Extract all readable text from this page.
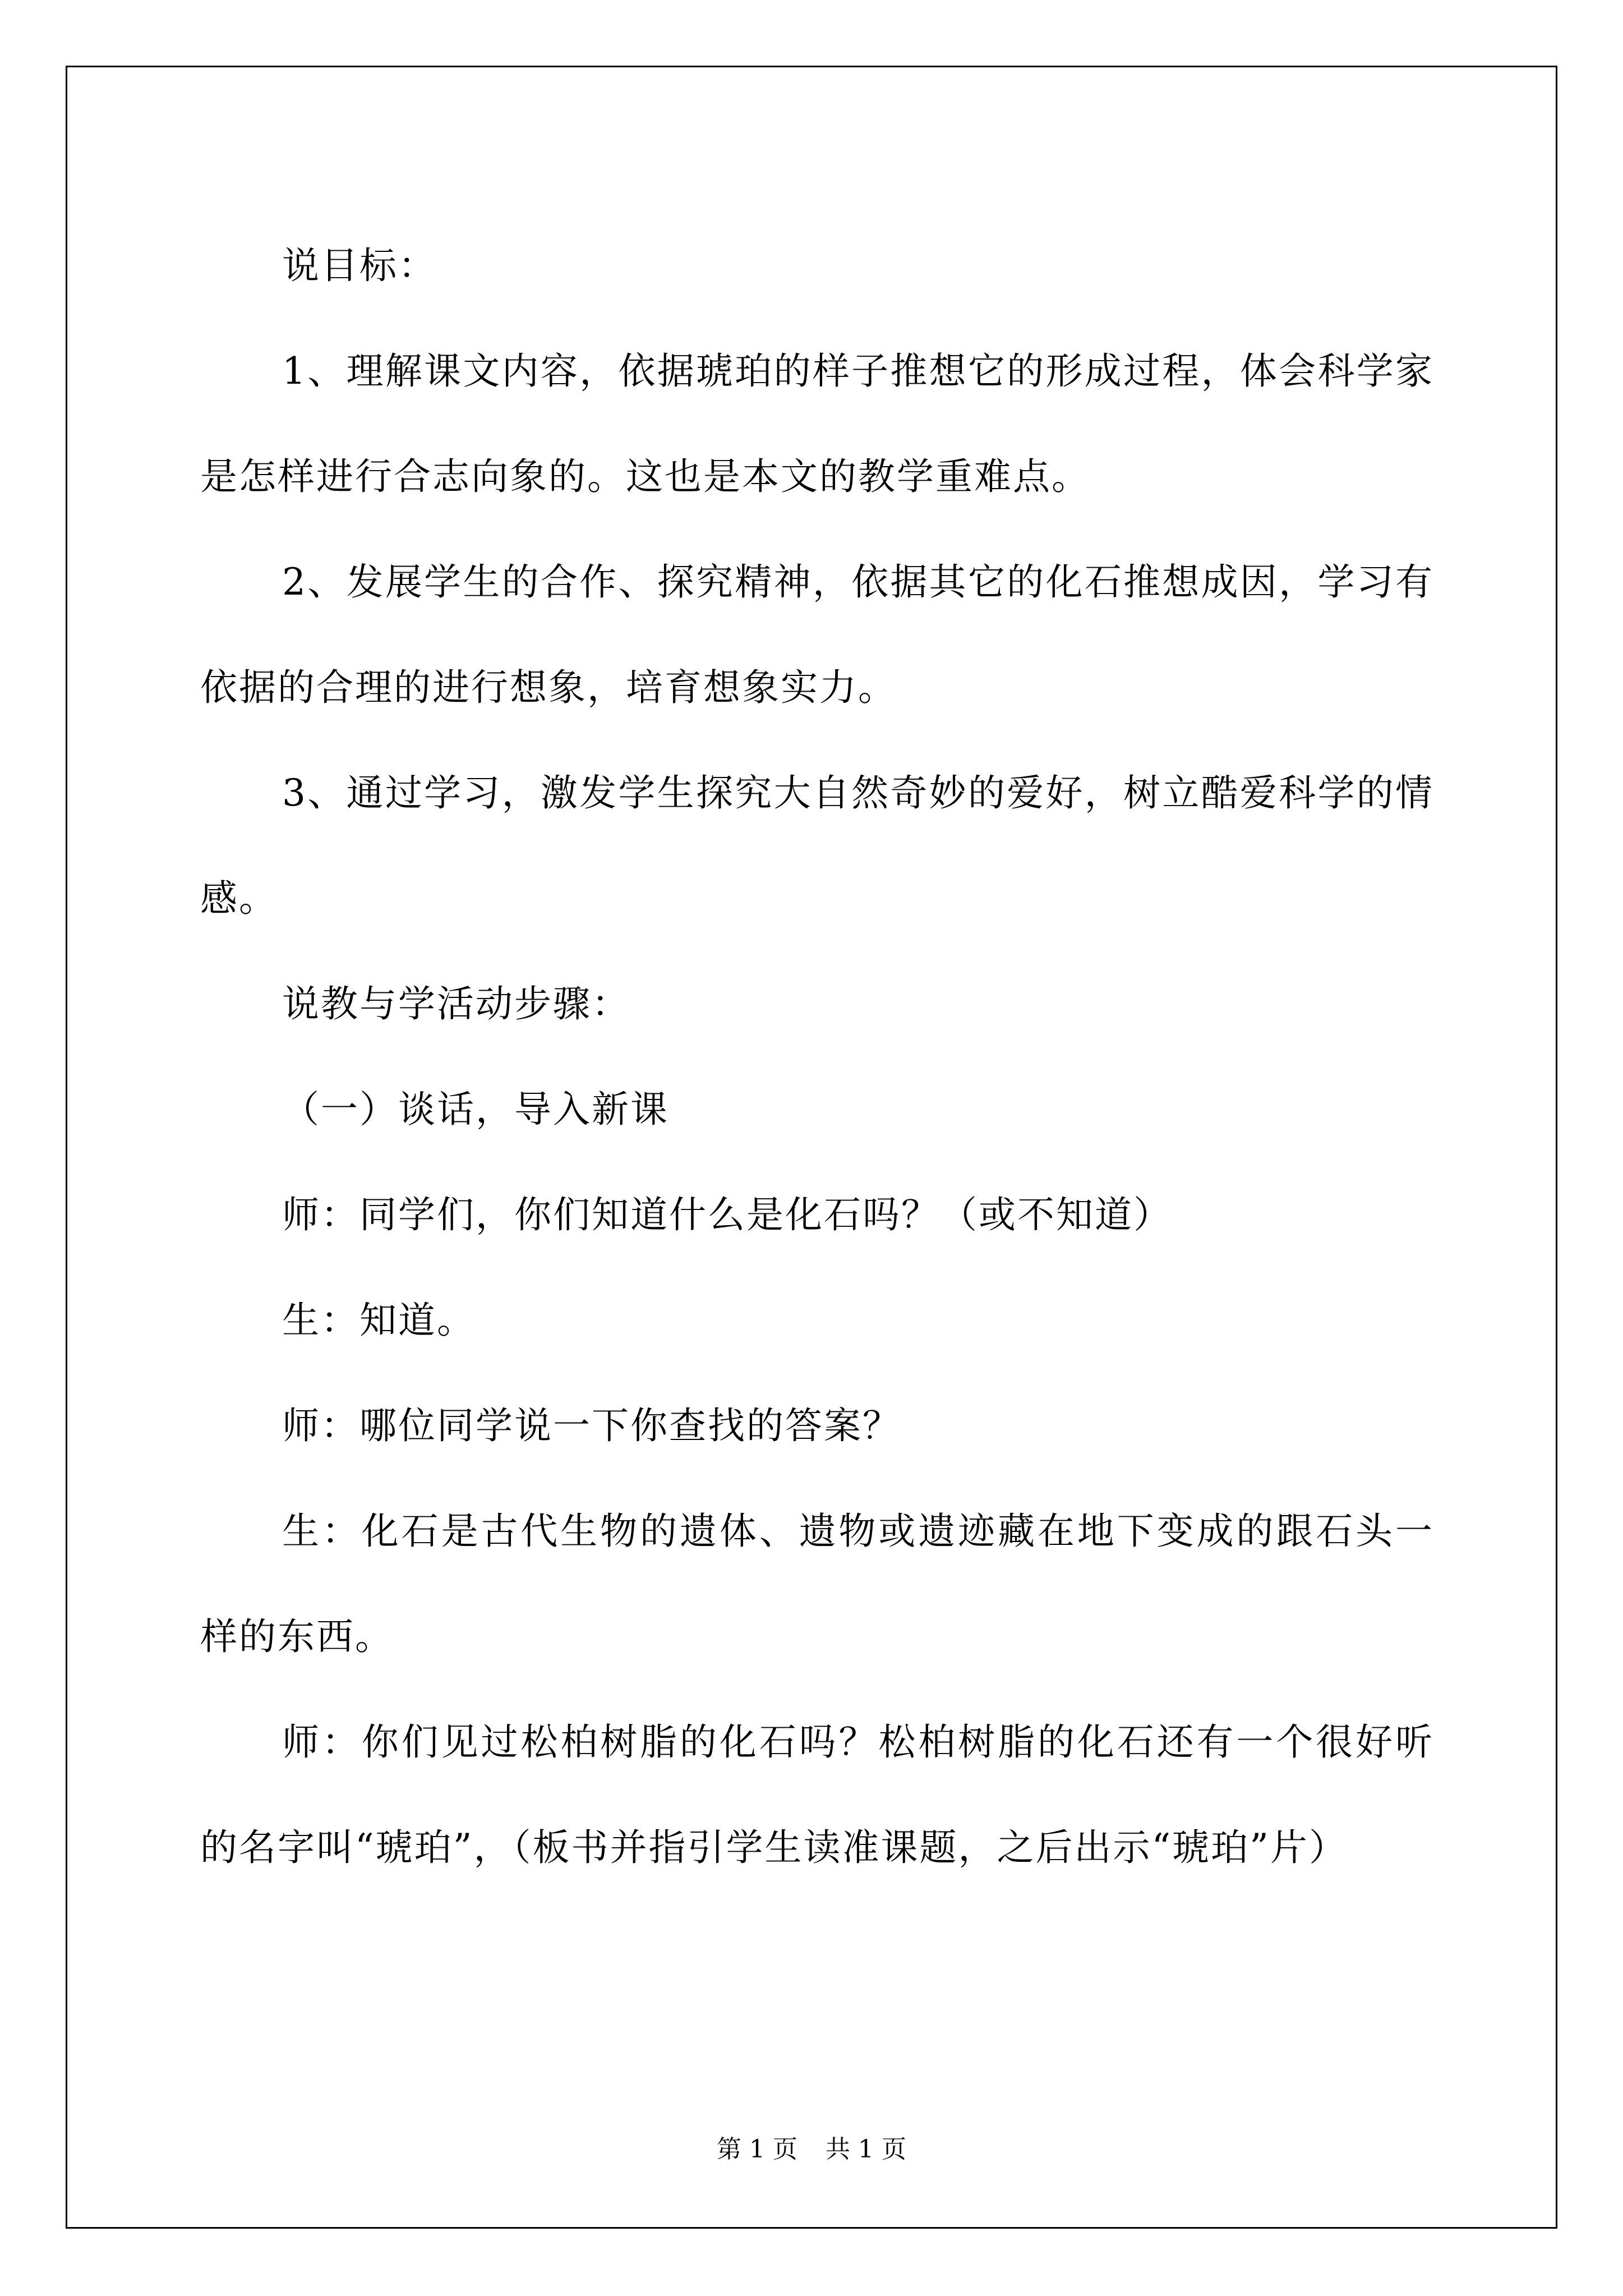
说目标：

1、理解课文内容，依据琥珀的样子推想它的形成过程，体会科学家是怎样进行合志向象的。这也是本文的教学重难点。

2、发展学生的合作、探究精神，依据其它的化石推想成因，学习有依据的合理的进行想象，培育想象实力。

3、通过学习，激发学生探究大自然奇妙的爱好，树立酷爱科学的情感。

说教与学活动步骤：

（一）谈话，导入新课

师：同学们，你们知道什么是化石吗？（或不知道）

生：知道。

师：哪位同学说一下你查找的答案？

生：化石是古代生物的遗体、遗物或遗迹藏在地下变成的跟石头一样的东西。

师：你们见过松柏树脂的化石吗？松柏树脂的化石还有一个很好听的名字叫“琥珀”，（板书并指引学生读准课题，之后出示“琥珀”片）

第 1 页 共 1 页
